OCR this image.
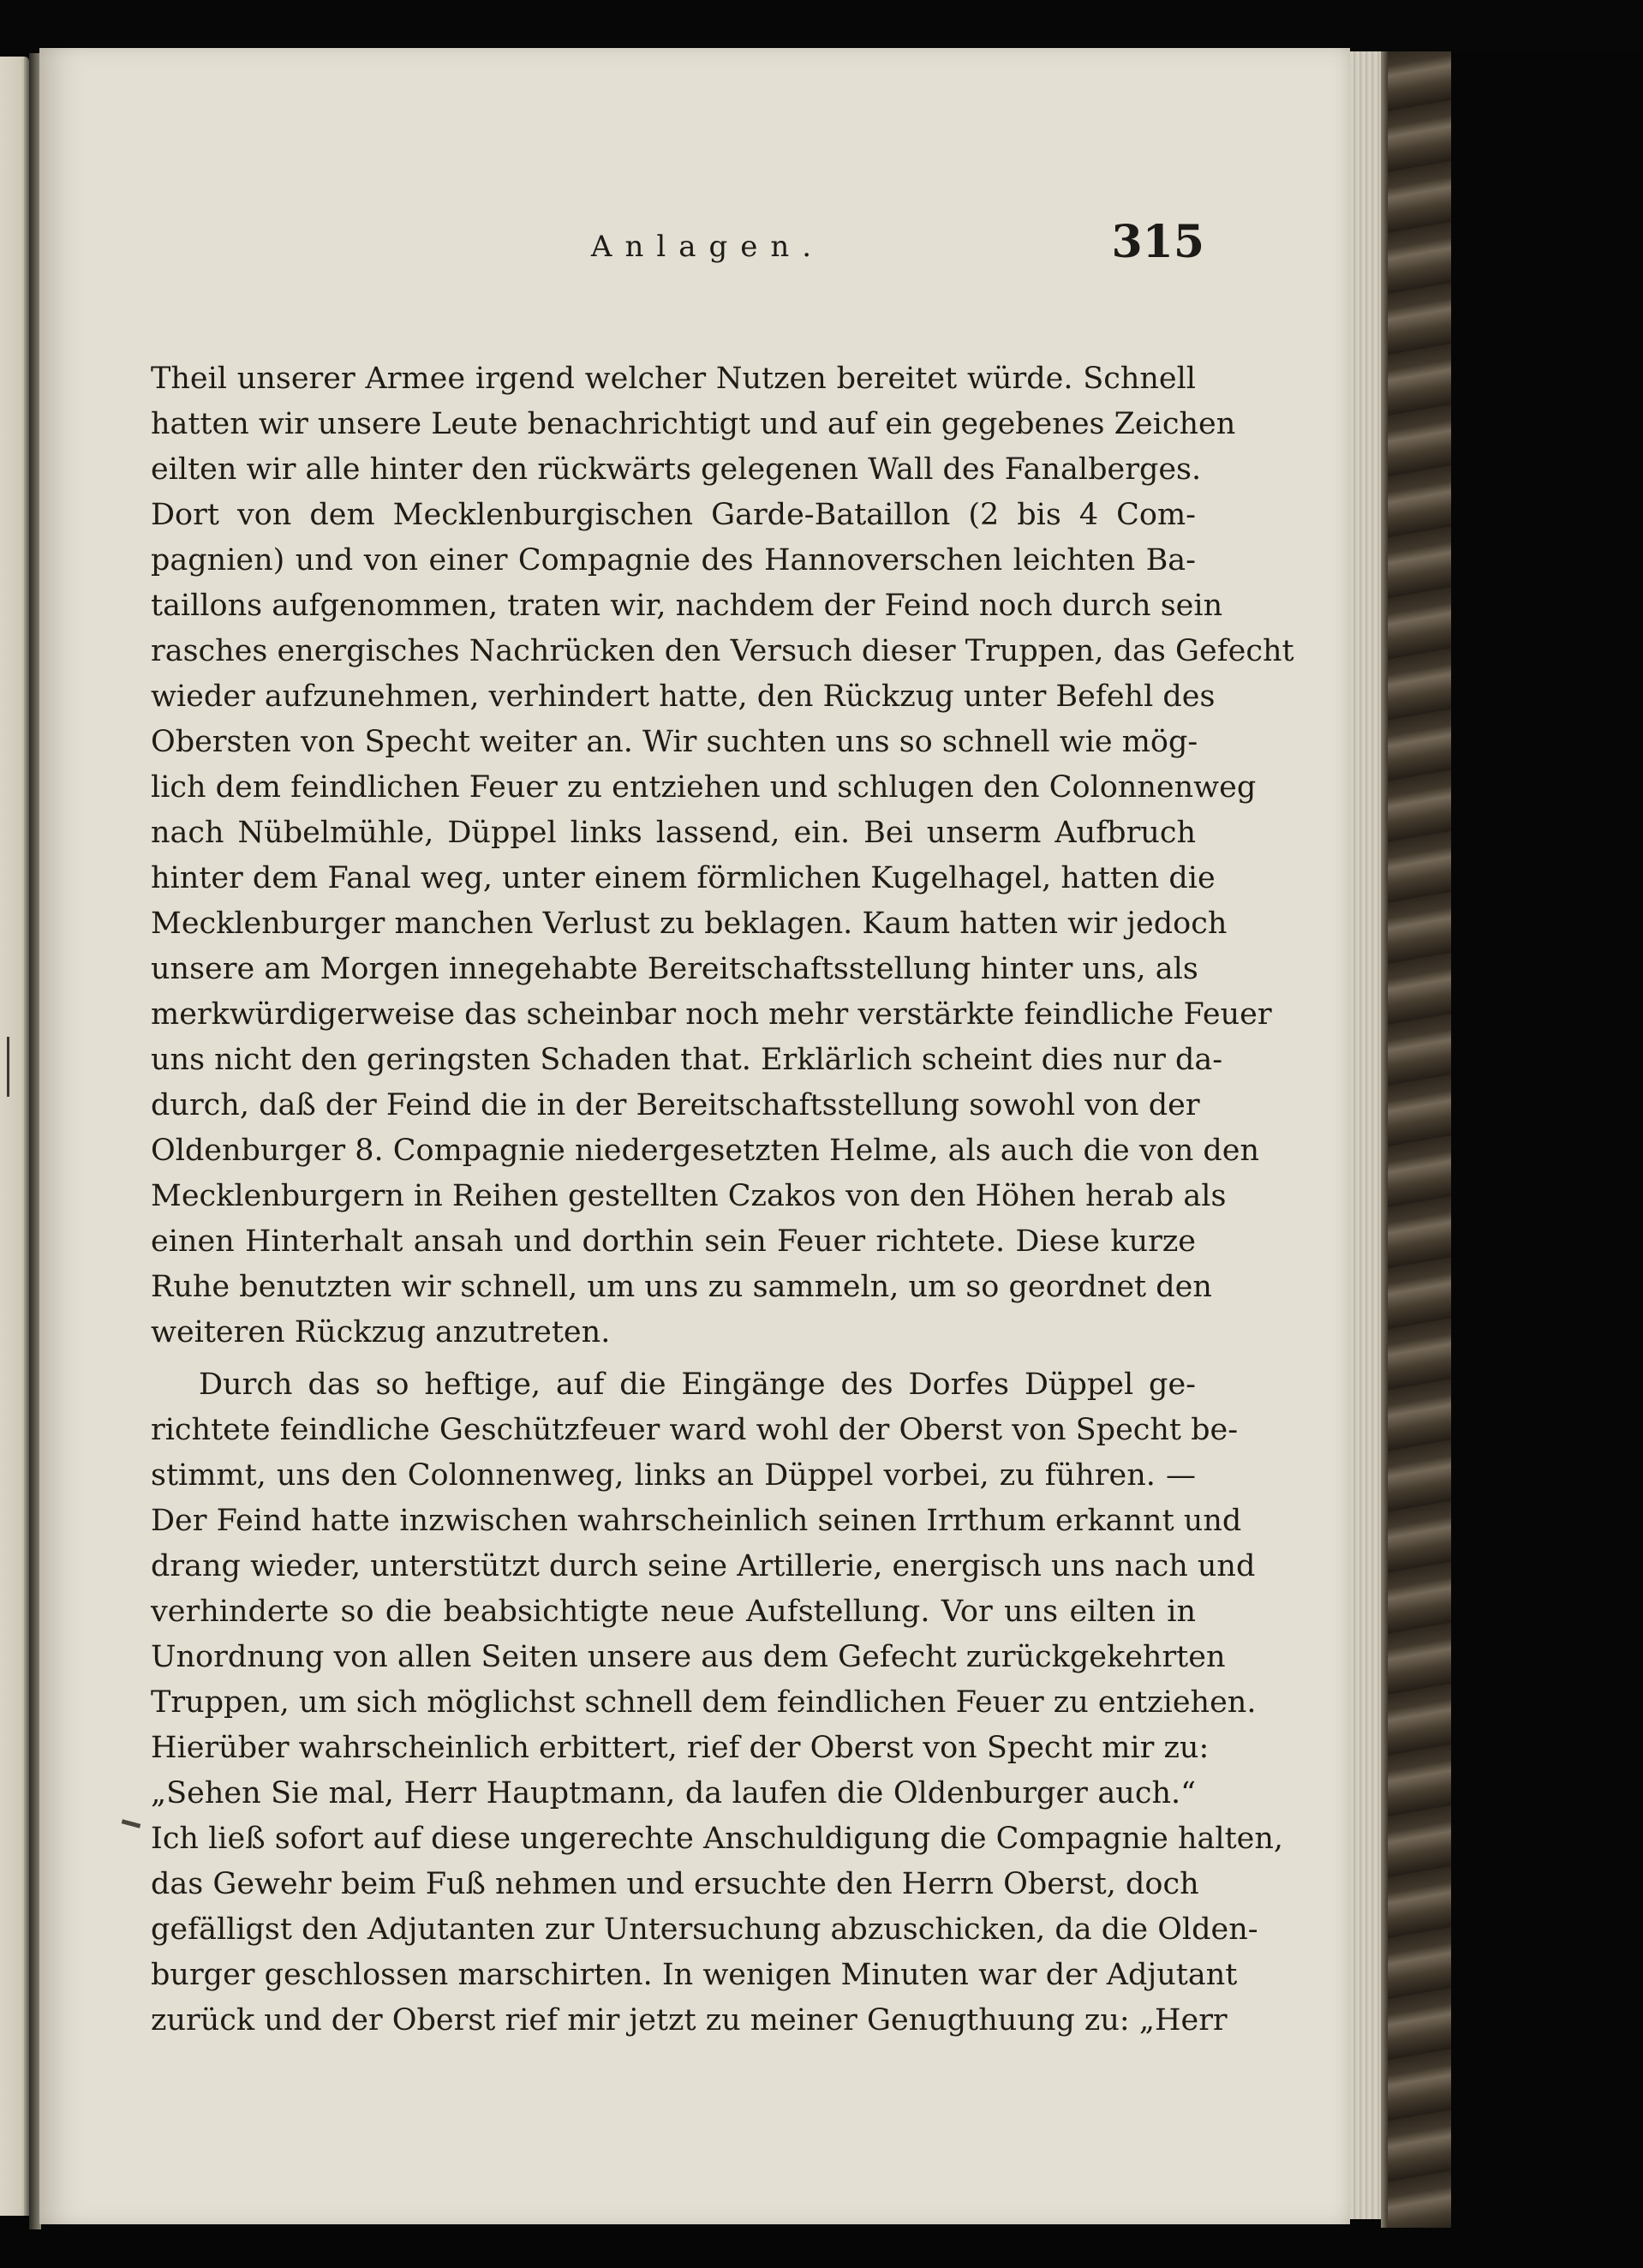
Anlagen.	315
Theil unserer Armee irgend welcher Nutzen bereitet würde. Schnell
hatten wir unsere Leute benachrichtigt und auf ein gegebenes Zeichen
eilten wir alle hinter den rückwärts gelegenen Wall des Fanalberges.
Dort von dem Mecklenburgischen Garde-Bataillon (2 bis 4 Com-
pagnien) und von einer Compagnie des Hannoverschen leichten Ba-
taillons aufgenommen, traten wir, nachdem der Feind noch durch sein
rasches energisches Nachrücken den Versuch dieser Truppen, das Gefecht
wieder aufzunehmen, verhindert hatte, den Rückzug unter Befehl des
Obersten von Specht weiter an. Wir suchten uns so schnell wie mög-
lich dem feindlichen Feuer zu entziehen und schlugen den Colonnenweg
nach Nübelmühle, Düppel links lassend, ein. Bei unserm Aufbruch
hinter dem Fanal weg, unter einem förmlichen Kugelhagel, hatten die
Mecklenburger manchen Verlust zu beklagen. Kaum hatten wir jedoch
unsere am Morgen innegehabte Bereitschaftsstellung hinter uns, als
merkwürdigerweise das scheinbar noch mehr verstärkte feindliche Feuer
uns nicht den geringsten Schaden that. Erklärlich scheint dies nur da-
durch, daß der Feind die in der Bereitschaftsstellung sowohl von der
Oldenburger 8. Compagnie niedergesetzten Helme, als auch die von den
Mecklenburgern in Reihen gestellten Czakos von den Höhen herab als
einen Hinterhalt ansah und dorthin sein Feuer richtete. Diese kurze
Ruhe benutzten wir schnell, um uns zu sammeln, um so geordnet den
weiteren Rückzug anzutreten.
Durch das so heftige, auf die Eingänge des Dorfes Düppel ge-
richtete feindliche Geschützfeuer ward wohl der Oberst von Specht be-
stimmt, uns den Colonnenweg, links an Düppel vorbei, zu führen. —
Der Feind hatte inzwischen wahrscheinlich seinen Irrthum erkannt und
drang wieder, unterstützt durch seine Artillerie, energisch uns nach und
verhinderte so die beabsichtigte neue Aufstellung. Vor uns eilten in
Unordnung von allen Seiten unsere aus dem Gefecht zurückgekehrten
Truppen, um sich möglichst schnell dem feindlichen Feuer zu entziehen.
Hierüber wahrscheinlich erbittert, rief der Oberst von Specht mir zu:
„Sehen Sie mal, Herr Hauptmann, da laufen die Oldenburger auch.“
Ich ließ sofort auf diese ungerechte Anschuldigung die Compagnie halten,
das Gewehr beim Fuß nehmen und ersuchte den Herrn Oberst, doch
gefälligst den Adjutanten zur Untersuchung abzuschicken, da die Olden-
burger geschlossen marschirten. In wenigen Minuten war der Adjutant
zurück und der Oberst rief mir jetzt zu meiner Genugthuung zu: „Herr
